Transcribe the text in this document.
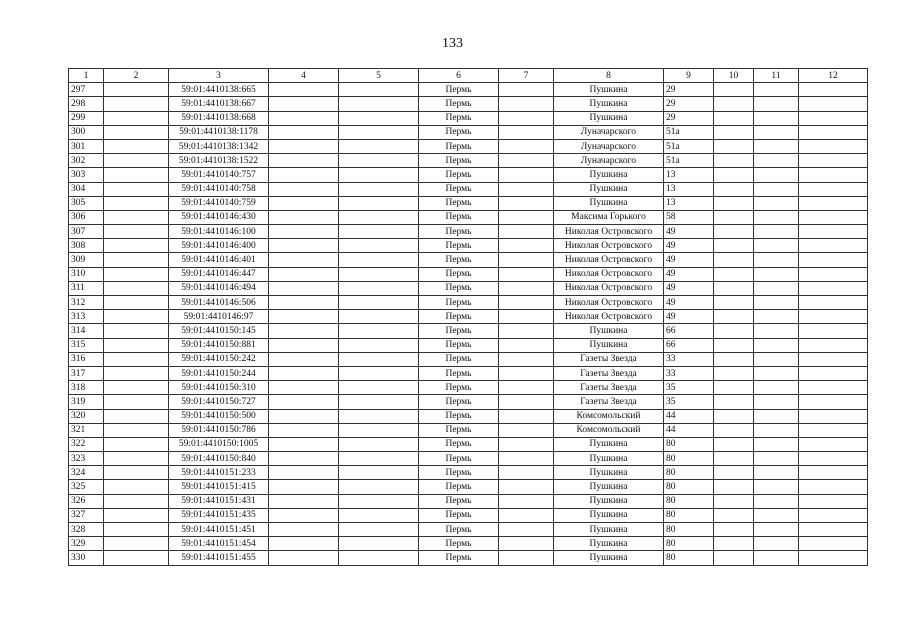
133
1	2	3	4	5	6	7	8	9	10	11	12
297		59:01:4410138:665			Пермь		Пушкина	29			
298		59:01:4410138:667			Пермь		Пушкина	29			
299		59:01:4410138:668			Пермь		Пушкина	29			
300		59:01:4410138:1178			Пермь		Луначарского	51а			
301		59:01:4410138:1342			Пермь		Луначарского	51а			
302		59:01:4410138:1522			Пермь		Луначарского	51а			
303		59:01:4410140:757			Пермь		Пушкина	13			
304		59:01:4410140:758			Пермь		Пушкина	13			
305		59:01:4410140:759			Пермь		Пушкина	13			
306		59:01:4410146:430			Пермь		Максима Горького	58			
307		59:01:4410146:100			Пермь		Николая Островского	49			
308		59:01:4410146:400			Пермь		Николая Островского	49			
309		59:01:4410146:401			Пермь		Николая Островского	49			
310		59:01:4410146:447			Пермь		Николая Островского	49			
311		59:01:4410146:494			Пермь		Николая Островского	49			
312		59:01:4410146:506			Пермь		Николая Островского	49			
313		59:01:4410146:97			Пермь		Николая Островского	49			
314		59:01:4410150:145			Пермь		Пушкина	66			
315		59:01:4410150:881			Пермь		Пушкина	66			
316		59:01:4410150:242			Пермь		Газеты Звезда	33			
317		59:01:4410150:244			Пермь		Газеты Звезда	33			
318		59:01:4410150:310			Пермь		Газеты Звезда	35			
319		59:01:4410150:727			Пермь		Газеты Звезда	35			
320		59:01:4410150:500			Пермь		Комсомольский	44			
321		59:01:4410150:786			Пермь		Комсомольский	44			
322		59:01:4410150:1005			Пермь		Пушкина	80			
323		59:01:4410150:840			Пермь		Пушкина	80			
324		59:01:4410151:233			Пермь		Пушкина	80			
325		59:01:4410151:415			Пермь		Пушкина	80			
326		59:01:4410151:431			Пермь		Пушкина	80			
327		59:01:4410151:435			Пермь		Пушкина	80			
328		59:01:4410151:451			Пермь		Пушкина	80			
329		59:01:4410151:454			Пермь		Пушкина	80			
330		59:01:4410151:455			Пермь		Пушкина	80			
